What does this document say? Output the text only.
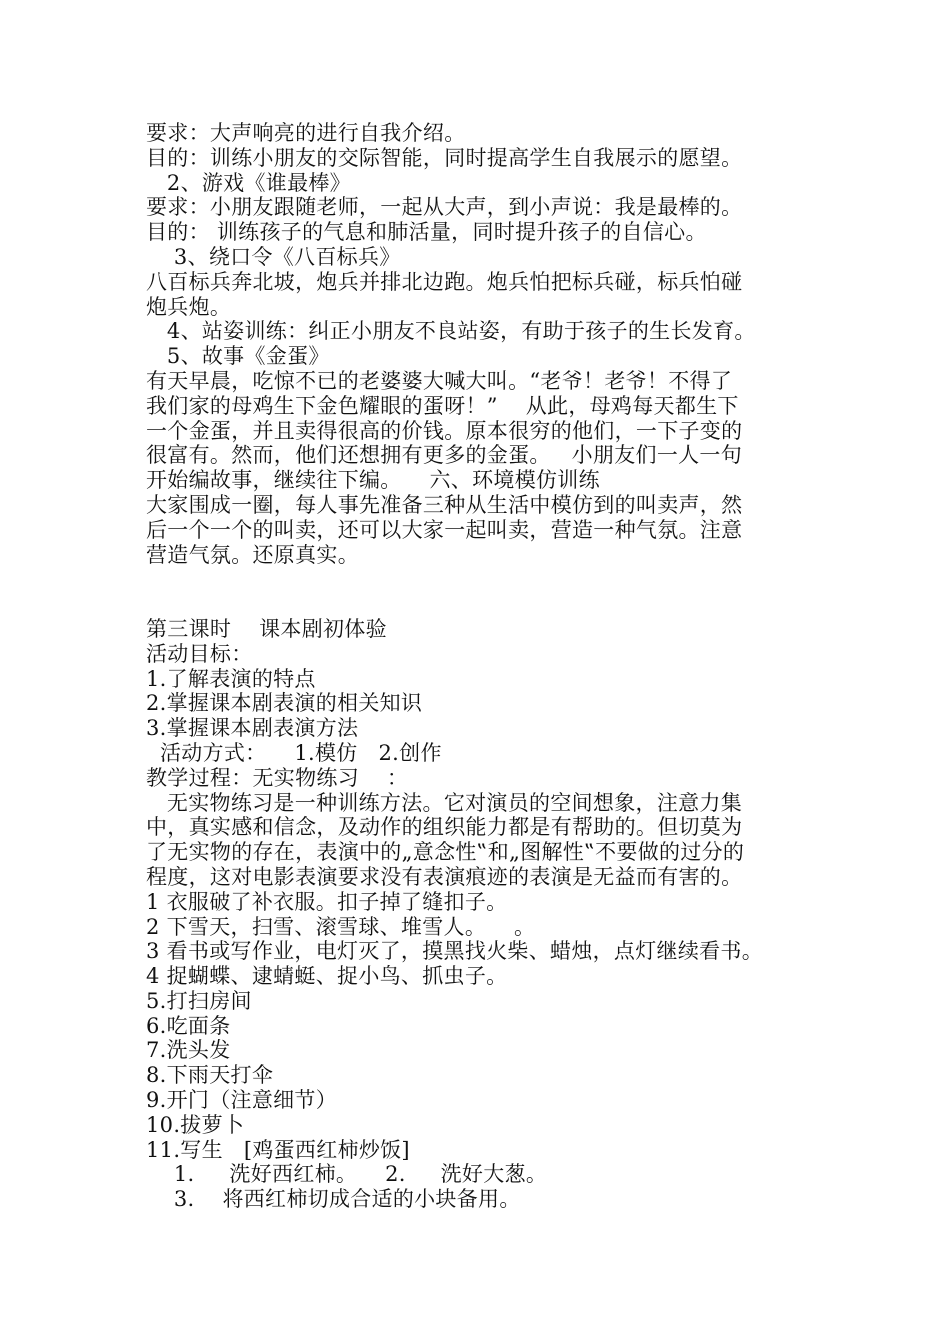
要求：大声响亮的进行自我介绍。
目的：训练小朋友的交际智能，同时提高学生自我展示的愿望。
2、游戏《谁最棒》
要求：小朋友跟随老师，一起从大声，到小声说：我是最棒的。
目的： 训练孩子的气息和肺活量，同时提升孩子的自信心。
3、绕口令《八百标兵》
八百标兵奔北坡，炮兵并排北边跑。炮兵怕把标兵碰，标兵怕碰
炮兵炮。
4、站姿训练：纠正小朋友不良站姿，有助于孩子的生长发育。
5、故事《金蛋》
有天早晨，吃惊不已的老婆婆大喊大叫。“老爷！老爷！不得了
我们家的母鸡生下金色耀眼的蛋呀！”    从此，母鸡每天都生下
一个金蛋，并且卖得很高的价钱。原本很穷的他们，一下子变的
很富有。然而，他们还想拥有更多的金蛋。   小朋友们一人一句
开始编故事，继续往下编。    六、环境模仿训练
大家围成一圈，每人事先准备三种从生活中模仿到的叫卖声，然
后一个一个的叫卖，还可以大家一起叫卖，营造一种气氛。注意
营造气氛。还原真实。
第三课时    课本剧初体验
活动目标：
1.了解表演的特点
2.掌握课本剧表演的相关知识
3.掌握课本剧表演方法
活动方式：    1.模仿   2.创作
教学过程：无实物练习    ：
无实物练习是一种训练方法。它对演员的空间想象，注意力集
中，真实感和信念，及动作的组织能力都是有帮助的。但切莫为
了无实物的存在，表演中的„意念性‟和„图解性‟不要做的过分的
程度，这对电影表演要求没有表演痕迹的表演是无益而有害的。
1 衣服破了补衣服。扣子掉了缝扣子。
2 下雪天，扫雪、滚雪球、堆雪人。    。
3 看书或写作业，电灯灭了，摸黑找火柴、蜡烛，点灯继续看书。
4 捉蝴蝶、逮蜻蜓、捉小鸟、抓虫子。
5.打扫房间
6.吃面条
7.洗头发
8.下雨天打伞
9.开门（注意细节）
10.拔萝卜
11.写生   [鸡蛋西红柿炒饭]
1.     洗好西红柿。    2.     洗好大葱。
3.    将西红柿切成合适的小块备用。
